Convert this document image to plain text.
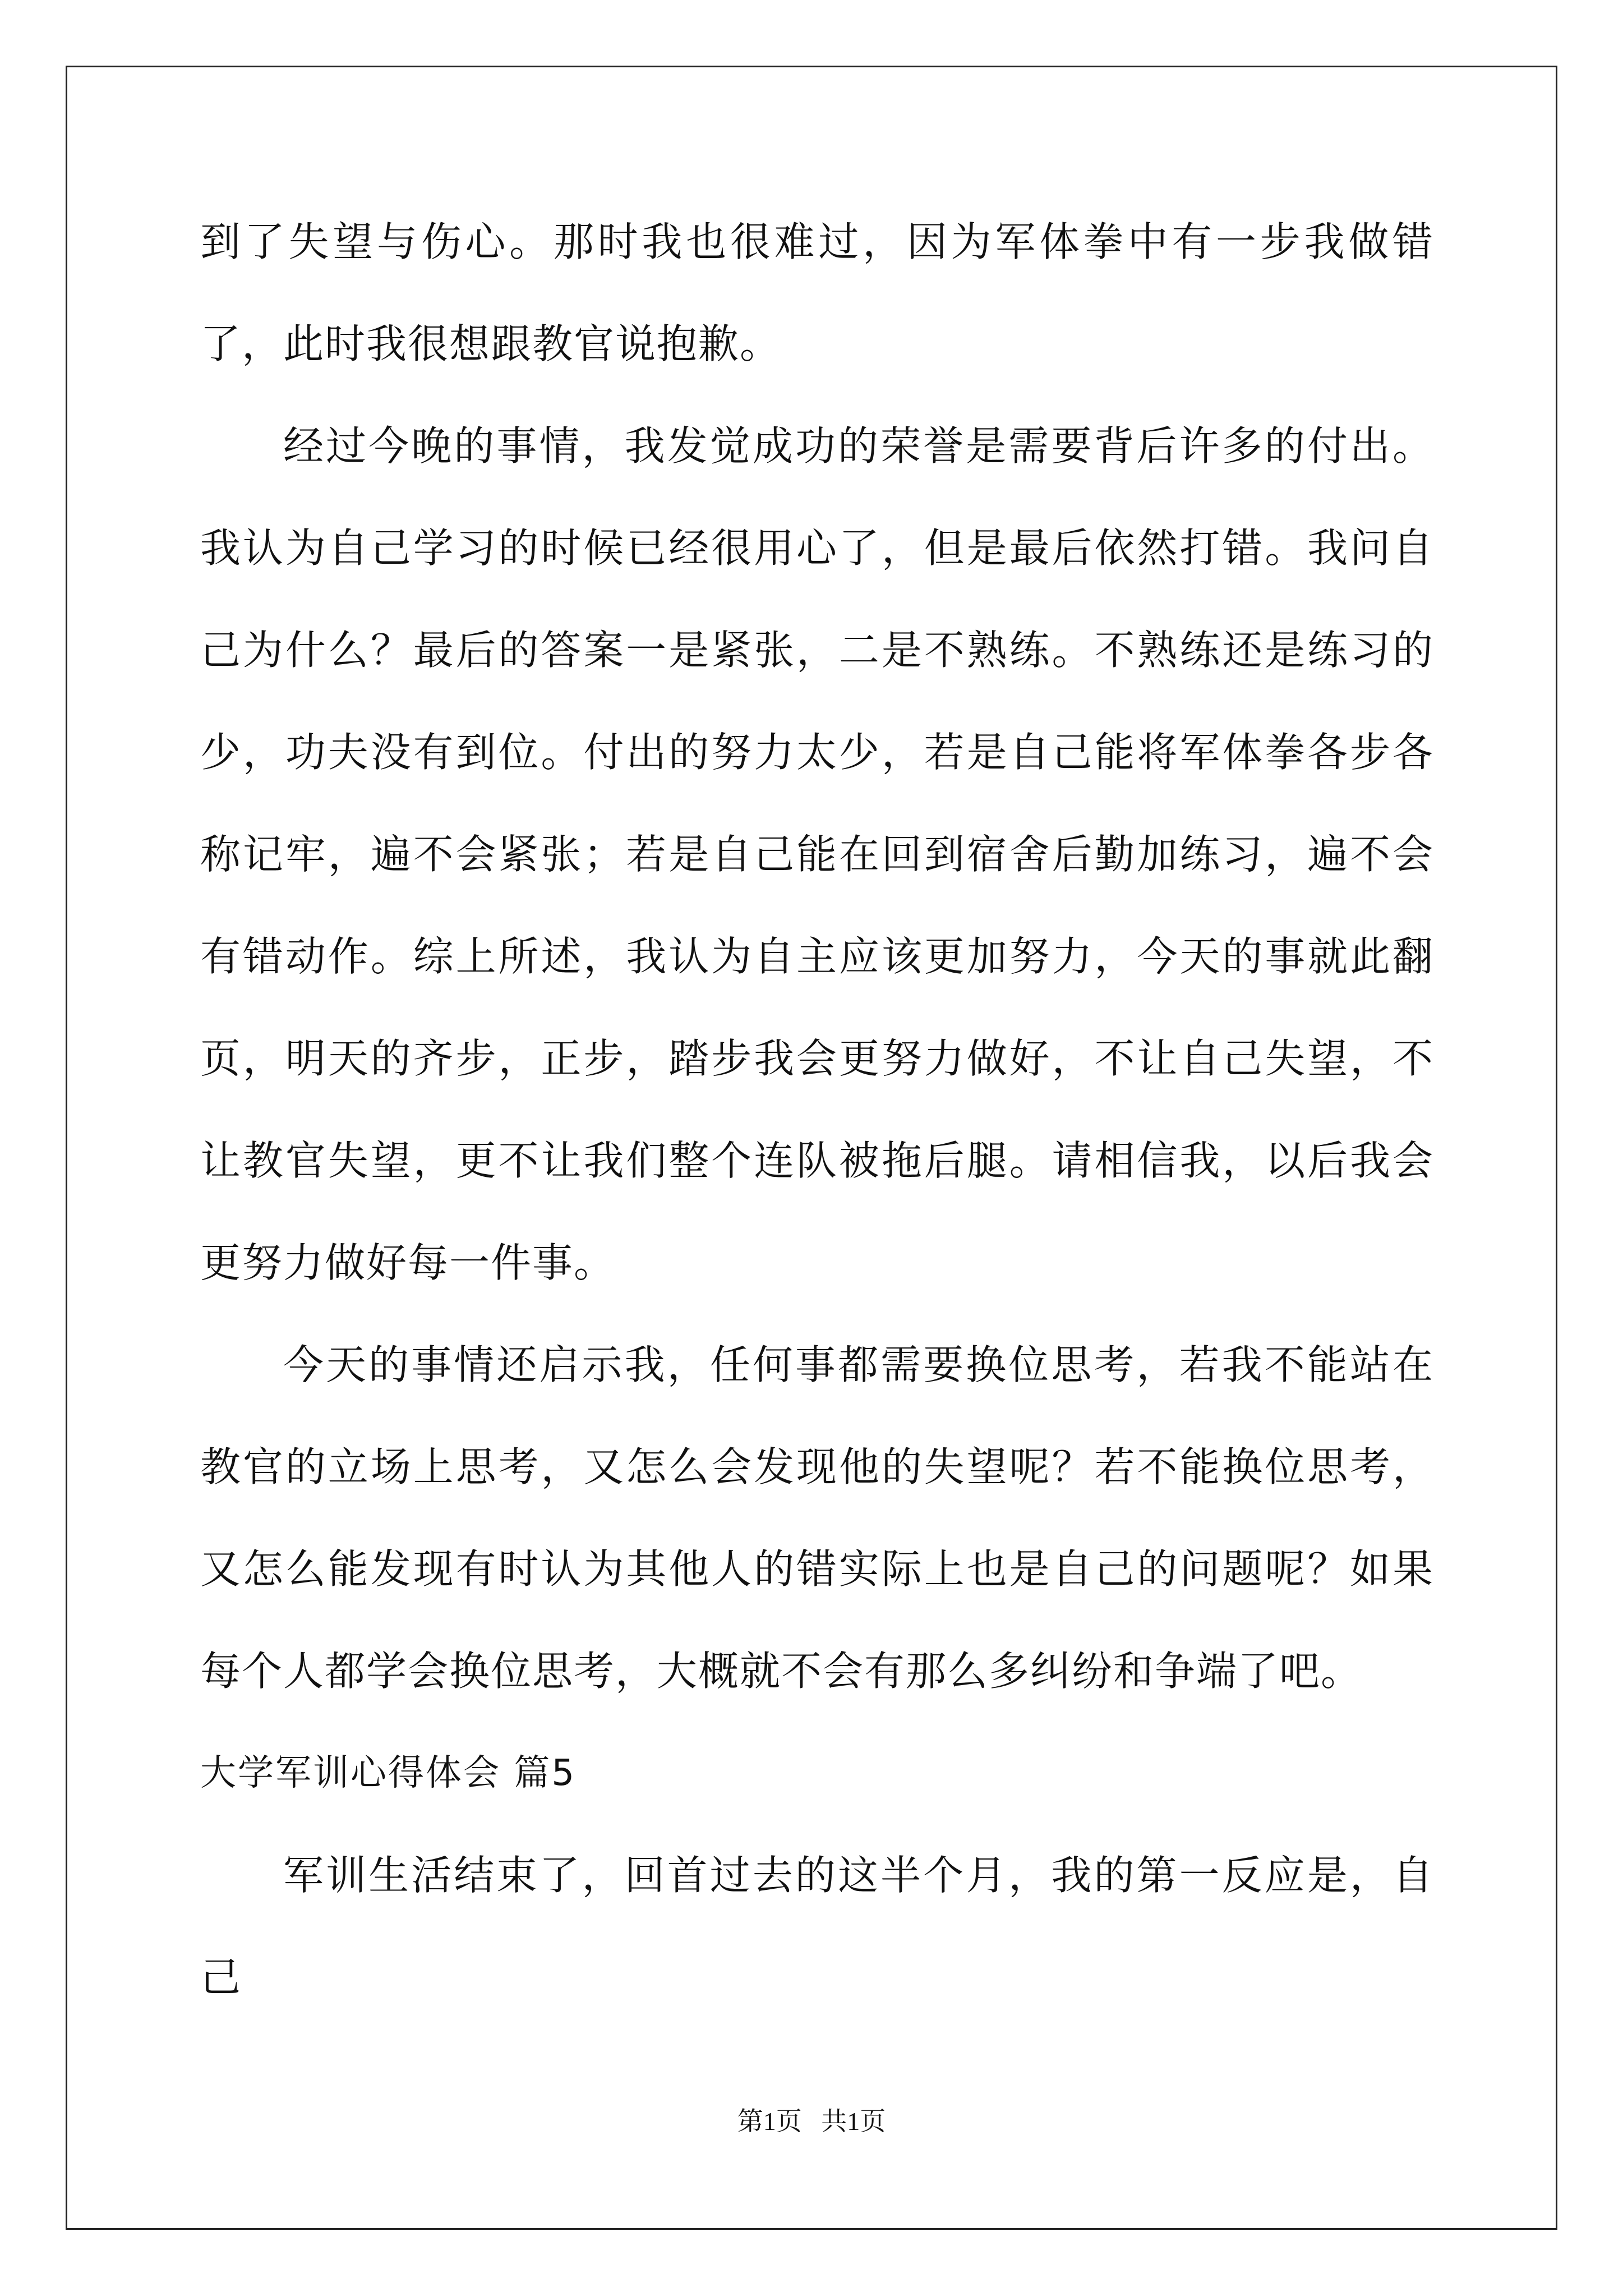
到了失望与伤心。那时我也很难过，因为军体拳中有一步我做错了，此时我很想跟教官说抱歉。

经过今晚的事情，我发觉成功的荣誉是需要背后许多的付出。我认为自己学习的时候已经很用心了，但是最后依然打错。我问自己为什么？最后的答案一是紧张，二是不熟练。不熟练还是练习的少，功夫没有到位。付出的努力太少，若是自己能将军体拳各步各称记牢，遍不会紧张；若是自己能在回到宿舍后勤加练习，遍不会有错动作。综上所述，我认为自主应该更加努力，今天的事就此翻页，明天的齐步，正步，踏步我会更努力做好，不让自己失望，不让教官失望，更不让我们整个连队被拖后腿。请相信我，以后我会更努力做好每一件事。

今天的事情还启示我，任何事都需要换位思考，若我不能站在教官的立场上思考，又怎么会发现他的失望呢？若不能换位思考，又怎么能发现有时认为其他人的错实际上也是自己的问题呢？如果每个人都学会换位思考，大概就不会有那么多纠纷和争端了吧。

大学军训心得体会 篇5

军训生活结束了，回首过去的这半个月，我的第一反应是，自己

第1页   共1页
